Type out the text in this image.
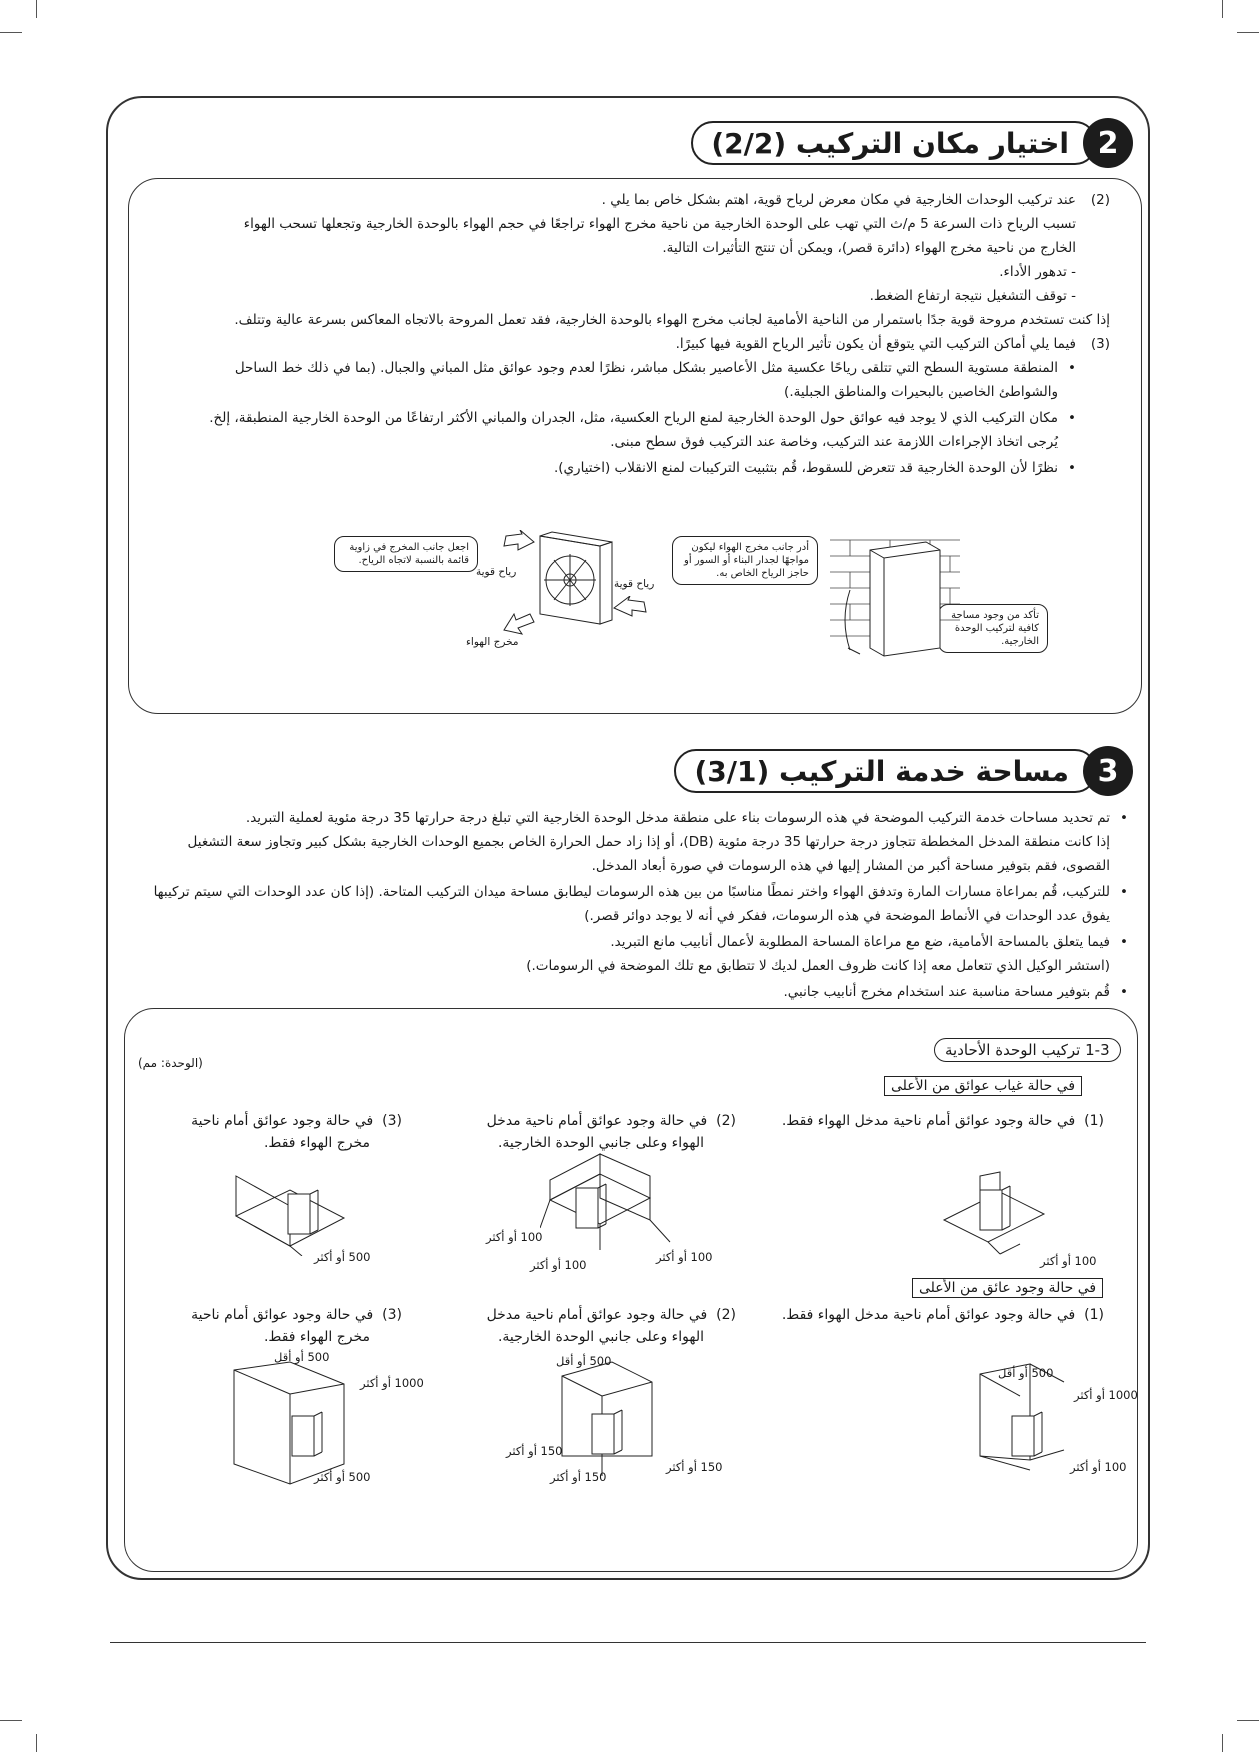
2
اختيار مكان التركيب (2/2)
(2)
عند تركيب الوحدات الخارجية في مكان معرض لرياح قوية، اهتم بشكل خاص بما يلي .
تسبب الرياح ذات السرعة 5 م/ث التي تهب على الوحدة الخارجية من ناحية مخرج الهواء تراجعًا في حجم الهواء بالوحدة الخارجية وتجعلها تسحب الهواء
الخارج من ناحية مخرج الهواء (دائرة قصر)، ويمكن أن تنتج التأثيرات التالية.
- تدهور الأداء.
- توقف التشغيل نتيجة ارتفاع الضغط.
إذا كنت تستخدم مروحة قوية جدًا باستمرار من الناحية الأمامية لجانب مخرج الهواء بالوحدة الخارجية، فقد تعمل المروحة بالاتجاه المعاكس بسرعة عالية وتتلف.
(3)
فيما يلي أماكن التركيب التي يتوقع أن يكون تأثير الرياح القوية فيها كبيرًا.
•
المنطقة مستوية السطح التي تتلقى رياحًا عكسية مثل الأعاصير بشكل مباشر، نظرًا لعدم وجود عوائق مثل المباني والجبال. (بما في ذلك خط الساحل
والشواطئ الخاصين بالبحيرات والمناطق الجبلية.)
•
مكان التركيب الذي لا يوجد فيه عوائق حول الوحدة الخارجية لمنع الرياح العكسية، مثل، الجدران والمباني الأكثر ارتفاعًا من الوحدة الخارجية المنطبقة، إلخ.
يُرجى اتخاذ الإجراءات اللازمة عند التركيب، وخاصة عند التركيب فوق سطح مبنى.
•
نظرًا لأن الوحدة الخارجية قد تتعرض للسقوط، قُم بتثبيت التركيبات لمنع الانقلاب (اختياري).
اجعل جانب المخرج في زاوية قائمة بالنسبة لاتجاه الرياح.
أدر جانب مخرج الهواء ليكون مواجهًا لجدار البناء أو السور أو حاجز الرياح الخاص به.
تأكد من وجود مساحة كافية لتركيب الوحدة الخارجية.
رياح قوية
رياح قوية
مخرج الهواء
3
مساحة خدمة التركيب (3/1)
•
تم تحديد مساحات خدمة التركيب الموضحة في هذه الرسومات بناء على منطقة مدخل الوحدة الخارجية التي تبلغ درجة حرارتها 35 درجة مئوية لعملية التبريد.
إذا كانت منطقة المدخل المخططة تتجاوز درجة حرارتها 35 درجة مئوية (DB)، أو إذا زاد حمل الحرارة الخاص بجميع الوحدات الخارجية بشكل كبير وتجاوز سعة التشغيل
القصوى، فقم بتوفير مساحة أكبر من المشار إليها في هذه الرسومات في صورة أبعاد المدخل.
•
للتركيب، قُم بمراعاة مسارات المارة وتدفق الهواء واختر نمطًا مناسبًا من بين هذه الرسومات ليطابق مساحة ميدان التركيب المتاحة. (إذا كان عدد الوحدات التي سيتم تركيبها
يفوق عدد الوحدات في الأنماط الموضحة في هذه الرسومات، ففكر في أنه لا يوجد دوائر قصر.)
•
فيما يتعلق بالمساحة الأمامية، ضع مع مراعاة المساحة المطلوبة لأعمال أنابيب مانع التبريد.
(استشر الوكيل الذي تتعامل معه إذا كانت ظروف العمل لديك لا تتطابق مع تلك الموضحة في الرسومات.)
•
قُم بتوفير مساحة مناسبة عند استخدام مخرج أنابيب جانبي.
1-3 تركيب الوحدة الأحادية
(الوحدة: مم)
في حالة غياب عوائق من الأعلى
في حالة وجود عائق من الأعلى
(1)  في حالة وجود عوائق أمام ناحية مدخل الهواء فقط.
(2)  في حالة وجود عوائق أمام ناحية مدخل
الهواء وعلى جانبي الوحدة الخارجية.
(3)  في حالة وجود عوائق أمام ناحية
مخرج الهواء فقط.
(1)  في حالة وجود عوائق أمام ناحية مدخل الهواء فقط.
(2)  في حالة وجود عوائق أمام ناحية مدخل
الهواء وعلى جانبي الوحدة الخارجية.
(3)  في حالة وجود عوائق أمام ناحية
مخرج الهواء فقط.
100 أو أكثر
100 أو أكثر
100 أو أكثر
100 أو أكثر
500 أو أكثر
500 أو أقل
1000 أو أكثر
100 أو أكثر
500 أو أقل
150 أو أكثر
150 أو أكثر
150 أو أكثر
500 أو أقل
1000 أو أكثر
500 أو أكثر
